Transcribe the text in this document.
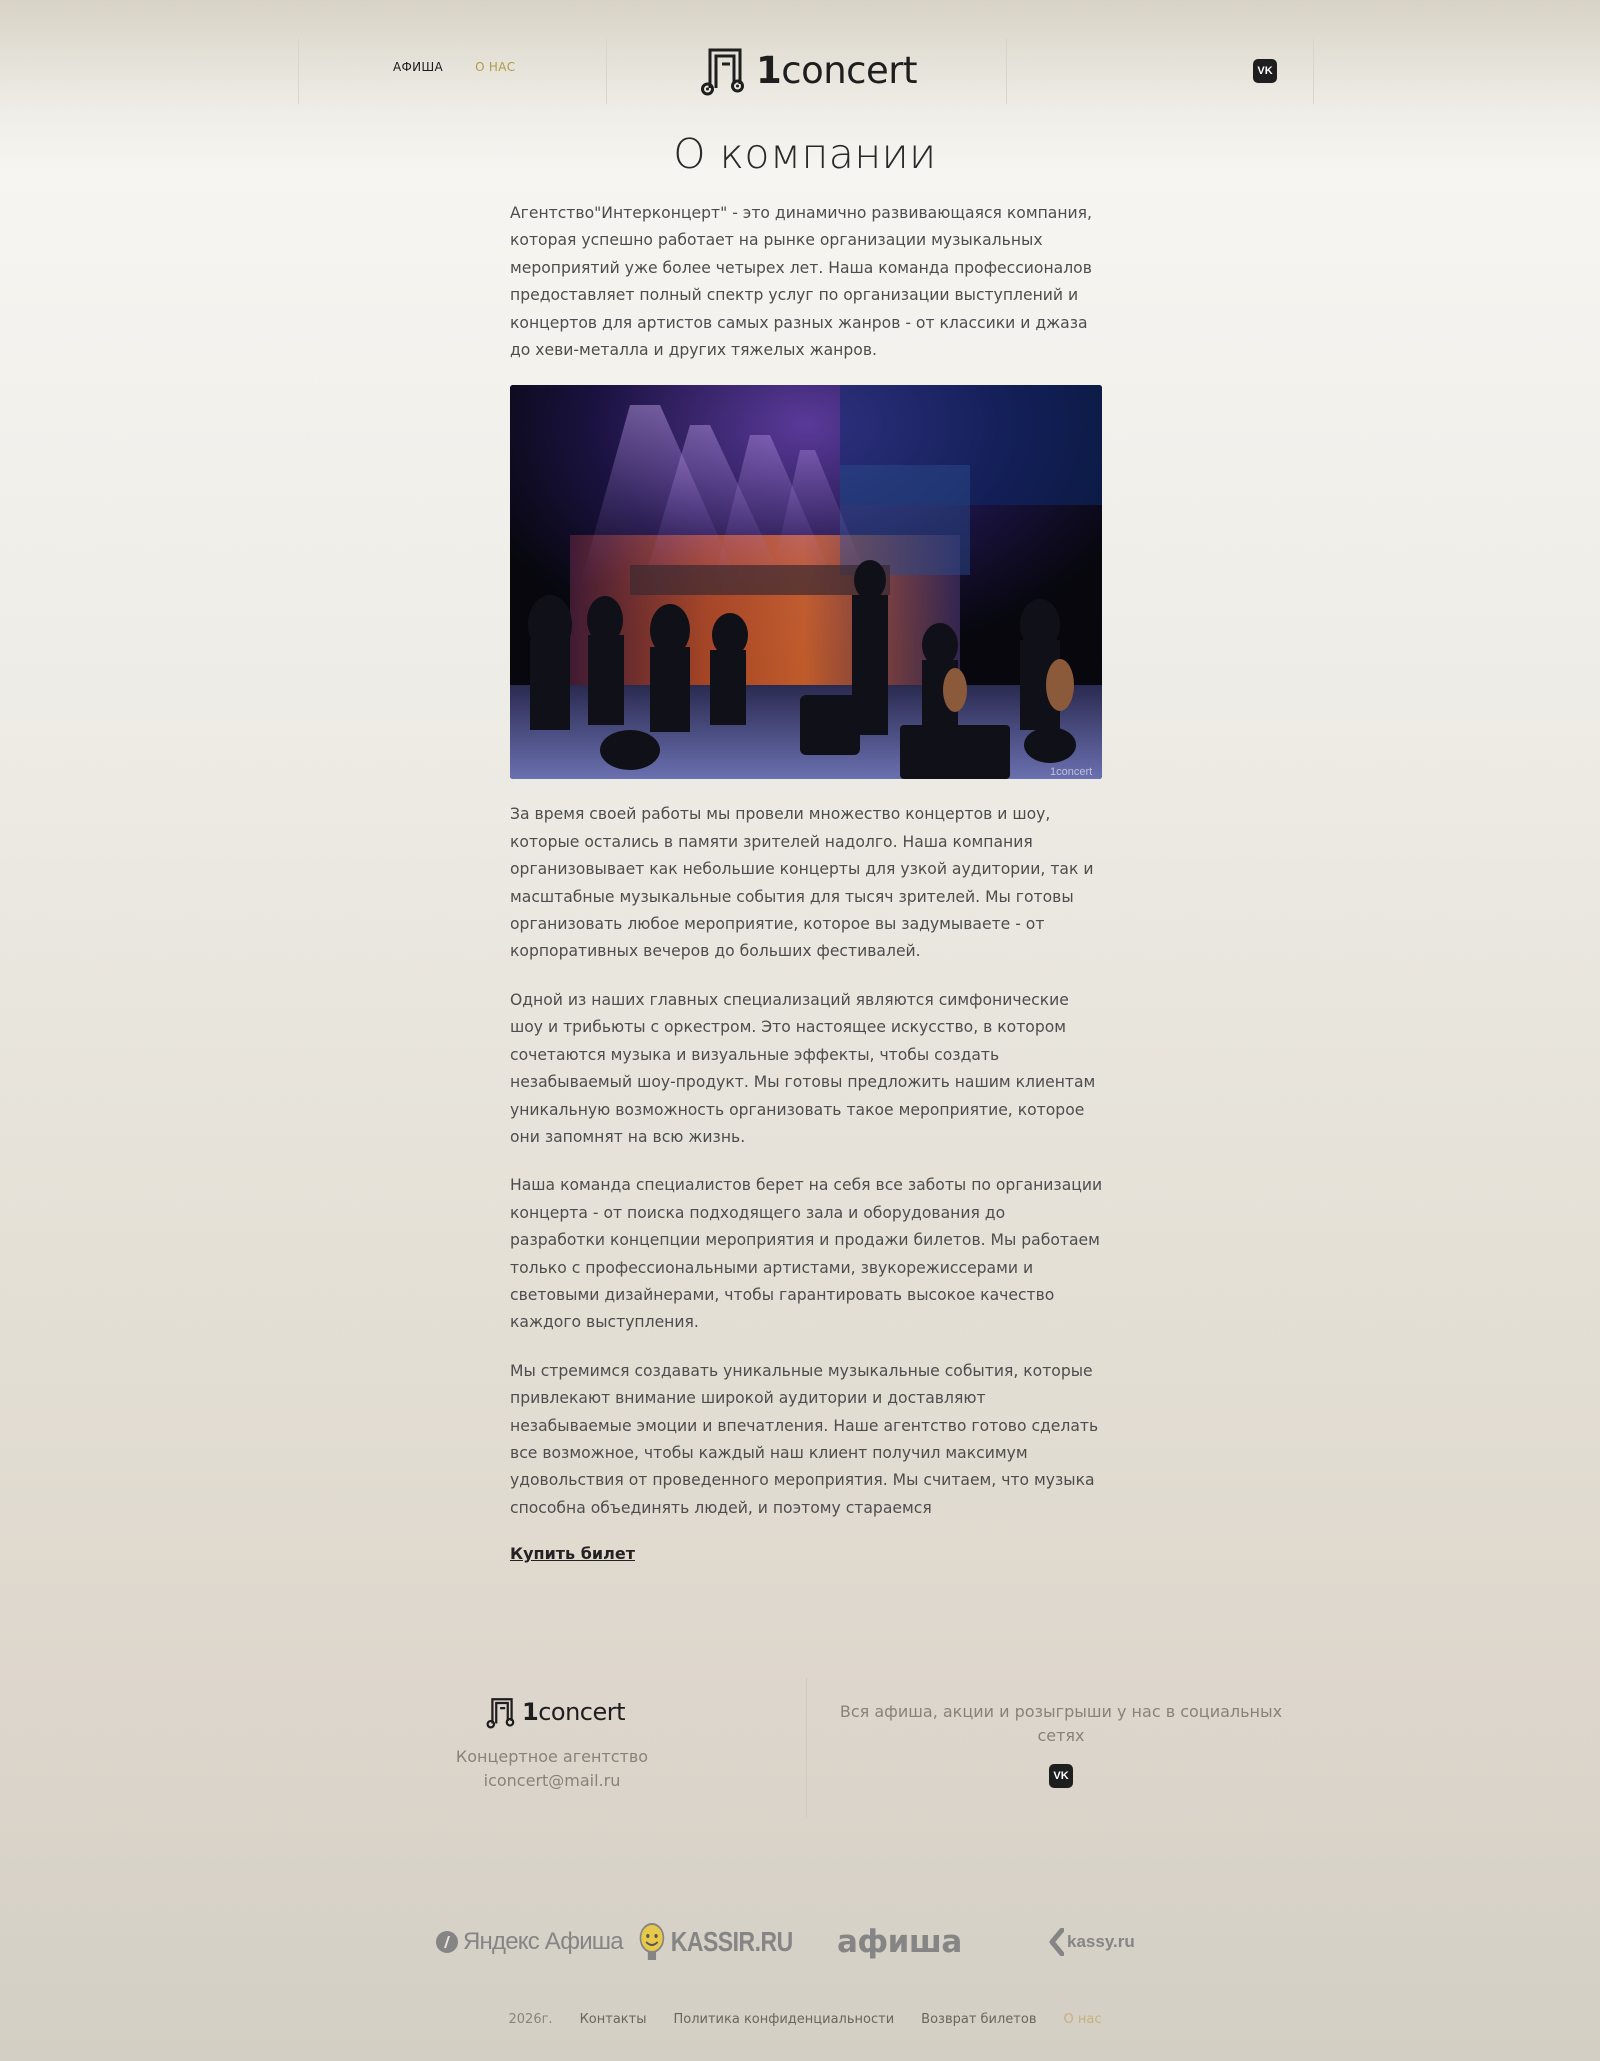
АФИША	О НАС	1concert	VK
О компании

Агентство"Интерконцерт" - это динамично развивающаяся компания, которая успешно работает на рынке организации музыкальных мероприятий уже более четырех лет. Наша команда профессионалов предоставляет полный спектр услуг по организации выступлений и концертов для артистов самых разных жанров - от классики и джаза до хеви-металла и других тяжелых жанров.

1concert

За время своей работы мы провели множество концертов и шоу, которые остались в памяти зрителей надолго. Наша компания организовывает как небольшие концерты для узкой аудитории, так и масштабные музыкальные события для тысяч зрителей. Мы готовы организовать любое мероприятие, которое вы задумываете - от корпоративных вечеров до больших фестивалей.

Одной из наших главных специализаций являются симфонические шоу и трибьюты с оркестром. Это настоящее искусство, в котором сочетаются музыка и визуальные эффекты, чтобы создать незабываемый шоу-продукт. Мы готовы предложить нашим клиентам уникальную возможность организовать такое мероприятие, которое они запомнят на всю жизнь.

Наша команда специалистов берет на себя все заботы по организации концерта - от поиска подходящего зала и оборудования до разработки концепции мероприятия и продажи билетов. Мы работаем только с профессиональными артистами, звукорежиссерами и световыми дизайнерами, чтобы гарантировать высокое качество каждого выступления.

Мы стремимся создавать уникальные музыкальные события, которые привлекают внимание широкой аудитории и доставляют незабываемые эмоции и впечатления. Наше агентство готово сделать все возможное, чтобы каждый наш клиент получил максимум удовольствия от проведенного мероприятия. Мы считаем, что музыка способна объединять людей, и поэтому стараемся

Купить билет
1concert
Концертное агентство
iconcert@mail.ru
Вся афиша, акции и розыгрыши у нас в социальных сетях
VK
Яндекс Афиша KASSIR.RU афиша	kassy.ru
2026г. Контакты Политика конфиденциальности Возврат билетов О нас
